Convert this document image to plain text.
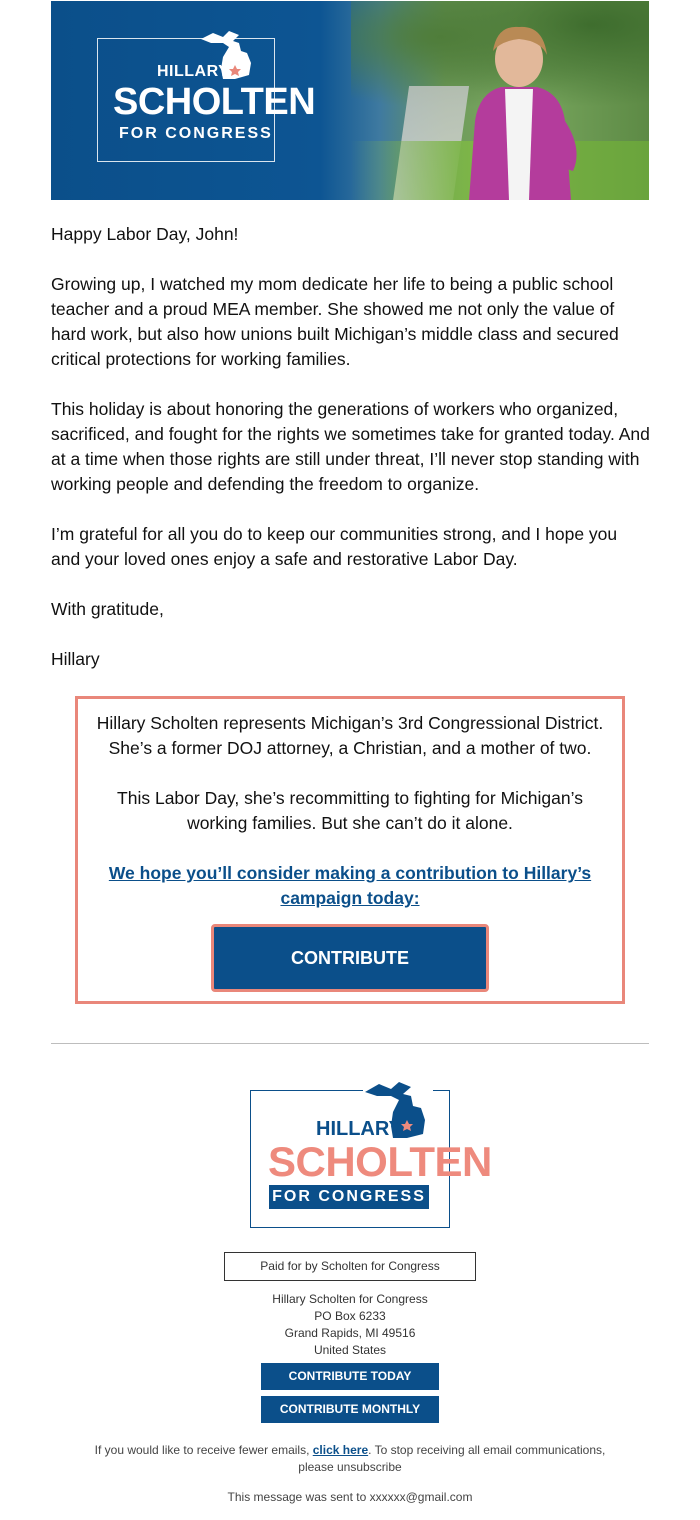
HILLARY
SCHOLTEN
FOR CONGRESS

Happy Labor Day, John!

Growing up, I watched my mom dedicate her life to being a public school teacher and a proud MEA member. She showed me not only the value of hard work, but also how unions built Michigan’s middle class and secured critical protections for working families.

This holiday is about honoring the generations of workers who organized, sacrificed, and fought for the rights we sometimes take for granted today. And at a time when those rights are still under threat, I’ll never stop standing with working people and defending the freedom to organize.

I’m grateful for all you do to keep our communities strong, and I hope you and your loved ones enjoy a safe and restorative Labor Day.

With gratitude,

Hillary

Hillary Scholten represents Michigan’s 3rd Congressional District. She’s a former DOJ attorney, a Christian, and a mother of two.

This Labor Day, she’s recommitting to fighting for Michigan’s working families. But she can’t do it alone.

We hope you’ll consider making a contribution to Hillary’s campaign today:

CONTRIBUTE
HILLARY
SCHOLTEN
FOR CONGRESS
Paid for by Scholten for Congress
Hillary Scholten for Congress
PO Box 6233
Grand Rapids, MI 49516
United States
CONTRIBUTE TODAY
CONTRIBUTE MONTHLY
If you would like to receive fewer emails, click here. To stop receiving all email communications, please unsubscribe
This message was sent to xxxxxx@gmail.com
